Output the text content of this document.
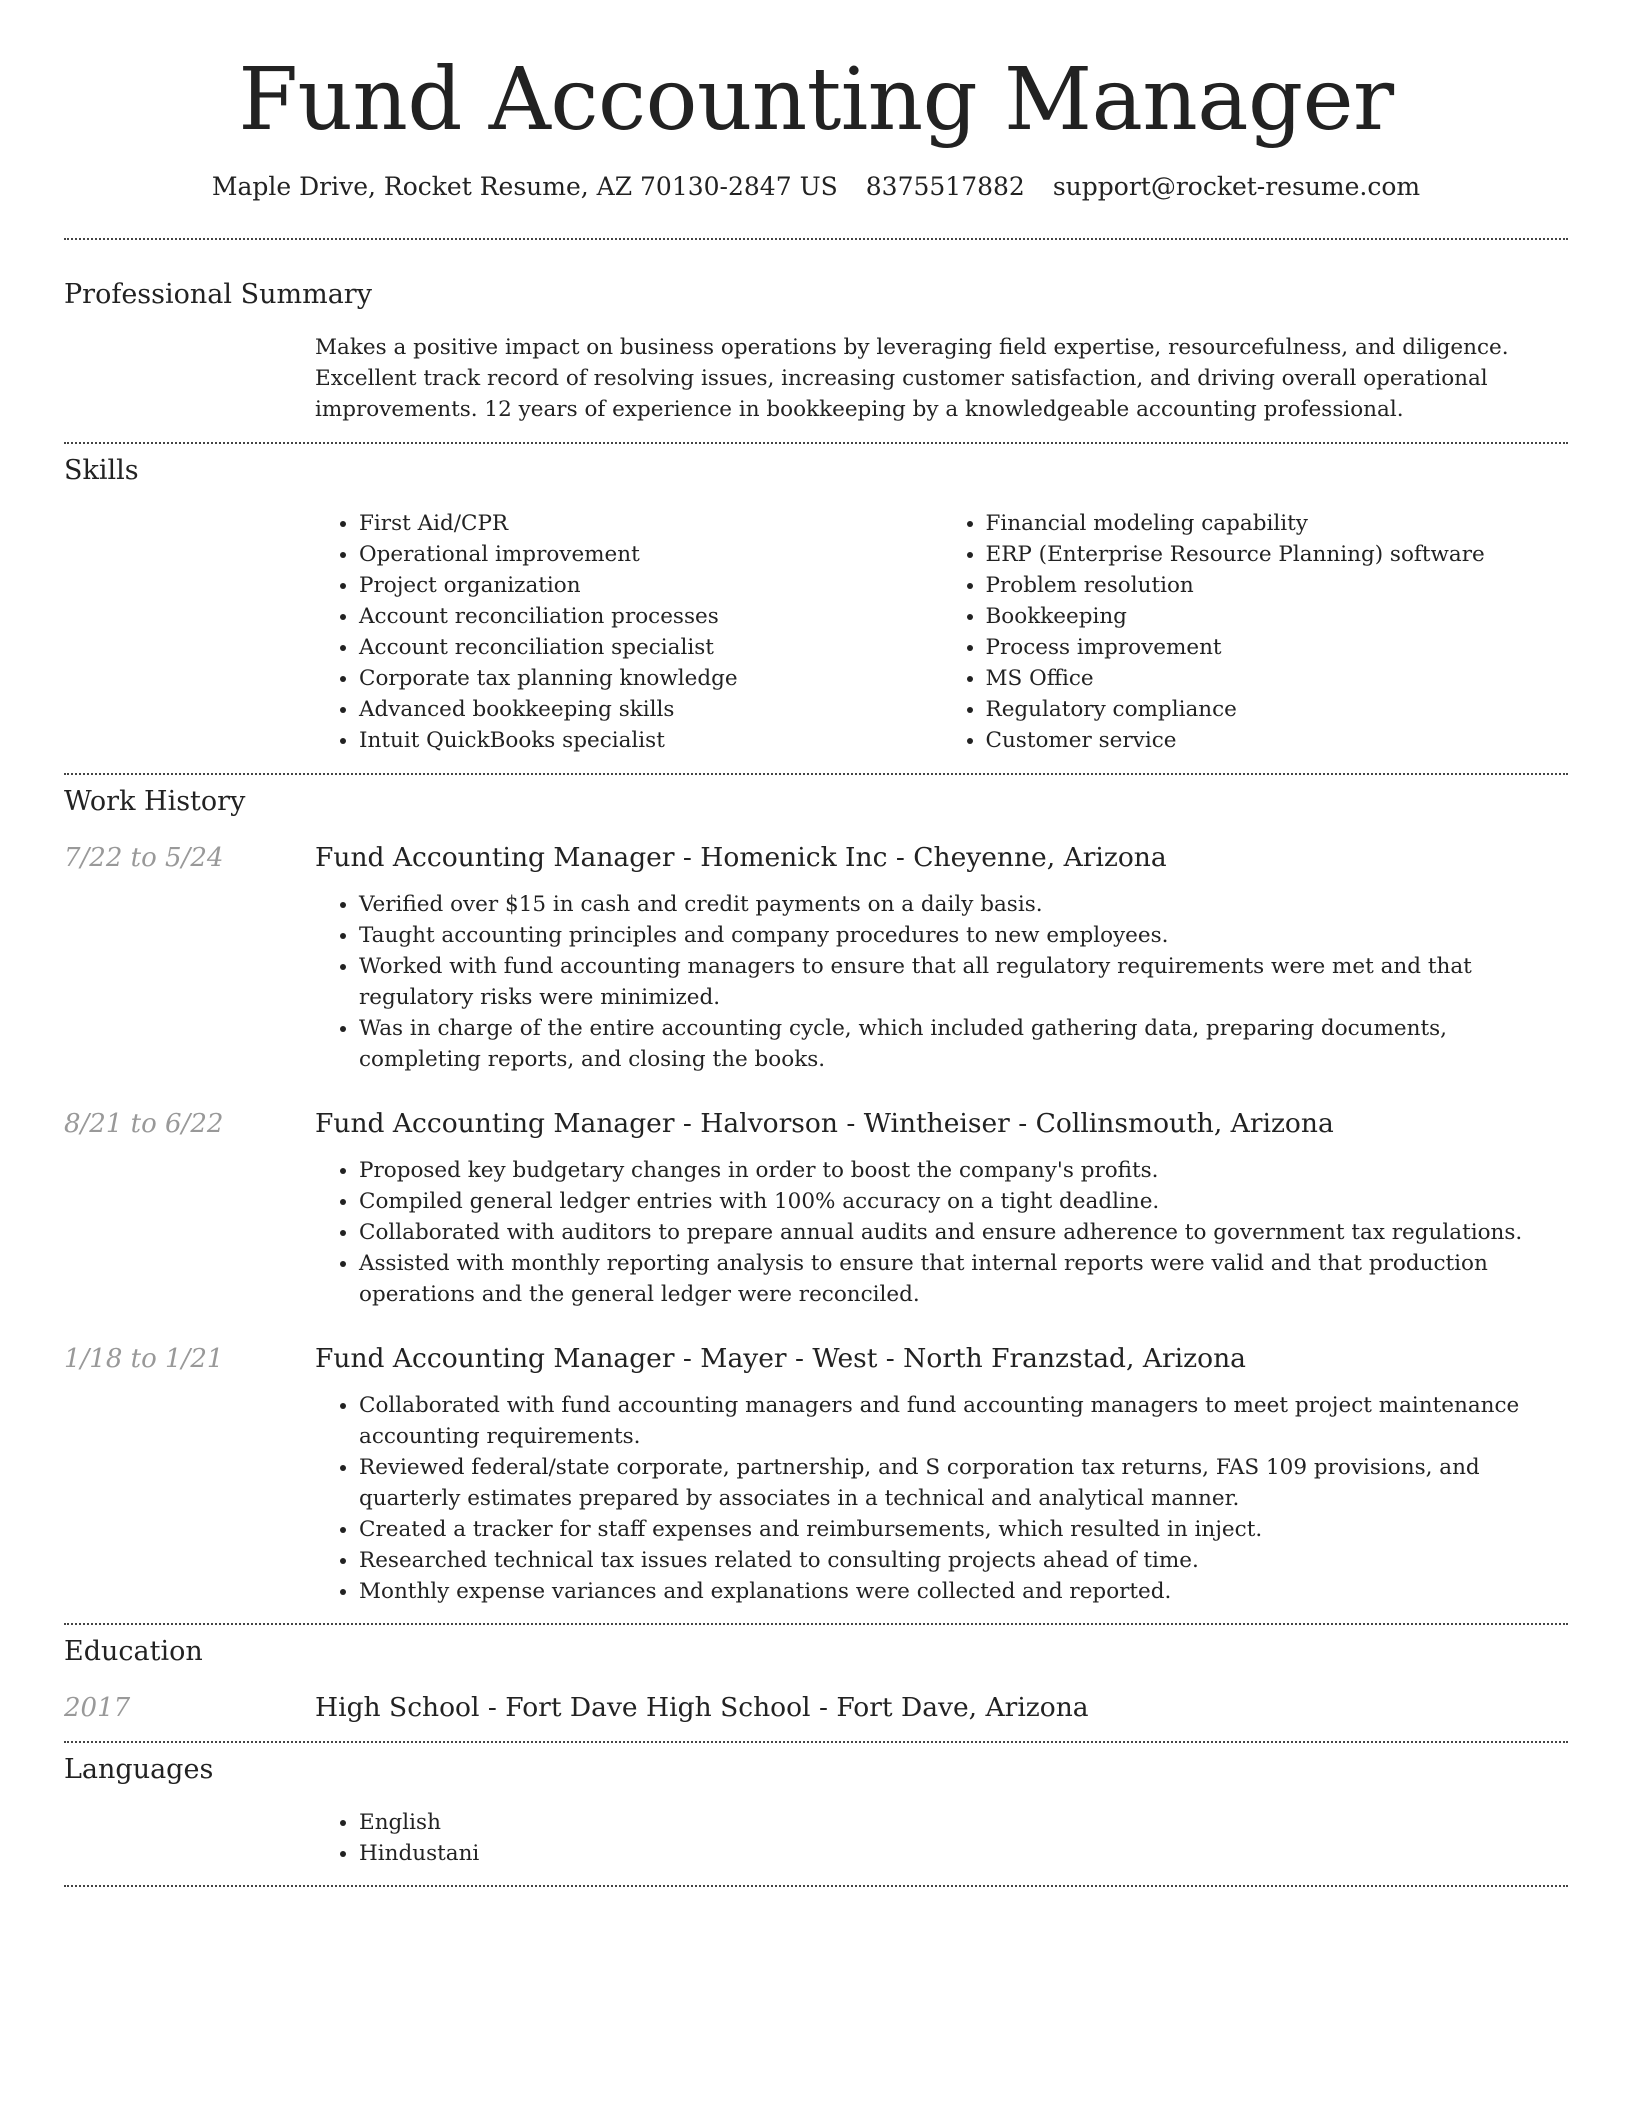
Fund Accounting Manager
Maple Drive, Rocket Resume, AZ 70130-2847 US 8375517882 support@rocket-resume.com
Professional Summary

Makes a positive impact on business operations by leveraging field expertise, resourcefulness, and diligence. Excellent track record of resolving issues, increasing customer satisfaction, and driving overall operational improvements. 12 years of experience in bookkeeping by a knowledgeable accounting professional.

Skills
• First Aid/CPR
• Operational improvement
• Project organization
• Account reconciliation processes
• Account reconciliation specialist
• Corporate tax planning knowledge
• Advanced bookkeeping skills
• Intuit QuickBooks specialist
• Financial modeling capability
• ERP (Enterprise Resource Planning) software
• Problem resolution
• Bookkeeping
• Process improvement
• MS Office
• Regulatory compliance
• Customer service
Work History
7/22 to 5/24	Fund Accounting Manager - Homenick Inc - Cheyenne, Arizona
• Verified over $15 in cash and credit payments on a daily basis.
• Taught accounting principles and company procedures to new employees.
• Worked with fund accounting managers to ensure that all regulatory requirements were met and that regulatory risks were minimized.
• Was in charge of the entire accounting cycle, which included gathering data, preparing documents, completing reports, and closing the books.
8/21 to 6/22	Fund Accounting Manager - Halvorson - Wintheiser - Collinsmouth, Arizona
• Proposed key budgetary changes in order to boost the company's profits.
• Compiled general ledger entries with 100% accuracy on a tight deadline.
• Collaborated with auditors to prepare annual audits and ensure adherence to government tax regulations.
• Assisted with monthly reporting analysis to ensure that internal reports were valid and that production operations and the general ledger were reconciled.
1/18 to 1/21	Fund Accounting Manager - Mayer - West - North Franzstad, Arizona
• Collaborated with fund accounting managers and fund accounting managers to meet project maintenance accounting requirements.
• Reviewed federal/state corporate, partnership, and S corporation tax returns, FAS 109 provisions, and quarterly estimates prepared by associates in a technical and analytical manner.
• Created a tracker for staff expenses and reimbursements, which resulted in inject.
• Researched technical tax issues related to consulting projects ahead of time.
• Monthly expense variances and explanations were collected and reported.
Education
2017	High School - Fort Dave High School - Fort Dave, Arizona
Languages
• English
• Hindustani
